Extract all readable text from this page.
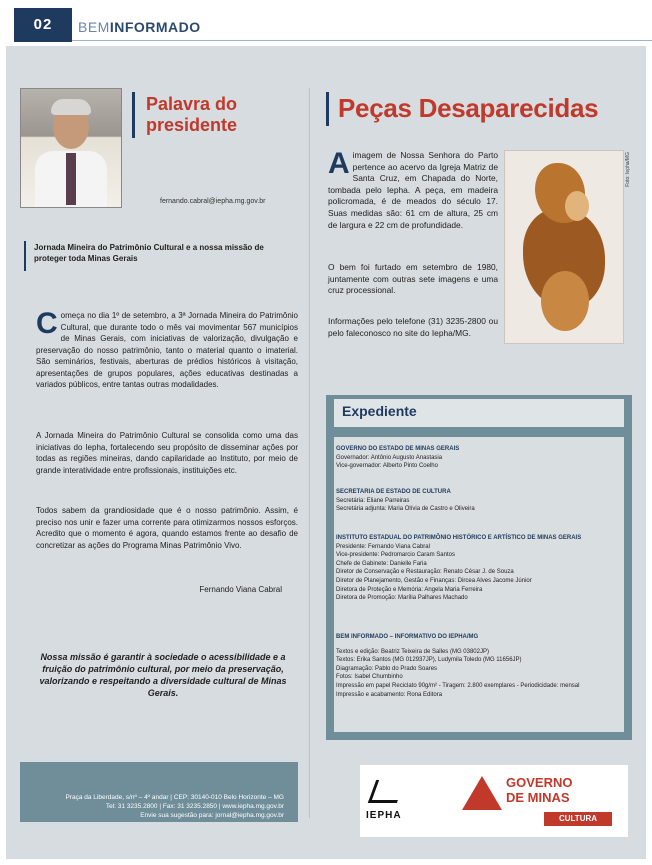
02	BEMINFORMADO
Palavra do
presidente
fernando.cabral@iepha.mg.gov.br
Jornada Mineira do Patrimônio Cultural e a nossa missão de proteger toda Minas Gerais
Começa no dia 1º de setembro, a 3ª Jornada Mineira do Patrimônio Cultural, que durante todo o mês vai movimentar 567 municípios de Minas Gerais, com iniciativas de valorização, divulgação e preservação do nosso patrimônio, tanto o material quanto o imaterial. São seminários, festivais, aberturas de prédios históricos à visitação, apresentações de grupos populares, ações educativas destinadas a variados públicos, entre tantas outras modalidades.
A Jornada Mineira do Patrimônio Cultural se consolida como uma das iniciativas do Iepha, fortalecendo seu propósito de disseminar ações por todas as regiões mineiras, dando capilaridade ao Instituto, por meio de grande interatividade entre profissionais, instituições etc.
Todos sabem da grandiosidade que é o nosso patrimônio. Assim, é preciso nos unir e fazer uma corrente para otimizarmos nossos esforços. Acredito que o momento é agora, quando estamos frente ao desafio de concretizar as ações do Programa Minas Patrimônio Vivo.
Fernando Viana Cabral
Nossa missão é garantir à sociedade o acessibilidade e a fruição do patrimônio cultural, por meio da preservação, valorizando e respeitando a diversidade cultural de Minas Gerais.
Praça da Liberdade, s/nº – 4º andar | CEP: 30140-010 Belo Horizonte – MG
Tel: 31 3235.2800 | Fax: 31 3235.2850 | www.iepha.mg.gov.br
Envie sua sugestão para: jornal@iepha.mg.gov.br
Peças Desaparecidas
Aimagem de Nossa Senhora do Parto pertence ao acervo da Igreja Matriz de Santa Cruz, em Chapada do Norte, tombada pelo Iepha. A peça, em madeira policromada, é de meados do século 17. Suas medidas são: 61 cm de altura, 25 cm de largura e 22 cm de profundidade.
O bem foi furtado em setembro de 1980, juntamente com outras sete imagens e uma cruz processional.
Informações pelo telefone (31) 3235-2800 ou pelo faleconosco no site do Iepha/MG.
Foto: Iepha/MG
Expediente
GOVERNO DO ESTADO DE MINAS GERAIS
Governador: Antônio Augusto Anastasia
Vice-governador: Alberto Pinto Coelho
SECRETARIA DE ESTADO DE CULTURA
Secretária: Eliane Parreiras
Secretária adjunta: Maria Olívia de Castro e Oliveira
INSTITUTO ESTADUAL DO PATRIMÔNIO HISTÓRICO E ARTÍSTICO DE MINAS GERAIS
Presidente: Fernando Viana Cabral
Vice-presidente: Pedromarcio Caram Santos
Chefe de Gabinete: Danielle Faria
Diretor de Conservação e Restauração: Renato César J. de Souza
Diretor de Planejamento, Gestão e Finanças: Dircea Alves Jacome Júnior
Diretora de Proteção e Memória: Angela Maria Ferreira
Diretora de Promoção: Marília Palhares Machado
BEM INFORMADO – INFORMATIVO DO IEPHA/MG
Textos e edição: Beatriz Teixeira de Salles (MG 03802JP)
Textos: Erika Santos (MG 012937JP), Ludymila Toledo (MG 11656JP)
Diagramação: Pablo do Prado Soares
Fotos: Isabel Chumbinho
Impressão em papel Reciclato 90g/m² - Tiragem: 2.800 exemplares - Periodicidade: mensal
Impressão e acabamento: Rona Editora
IEPHA
GOVERNO
DE MINAS
CULTURA
